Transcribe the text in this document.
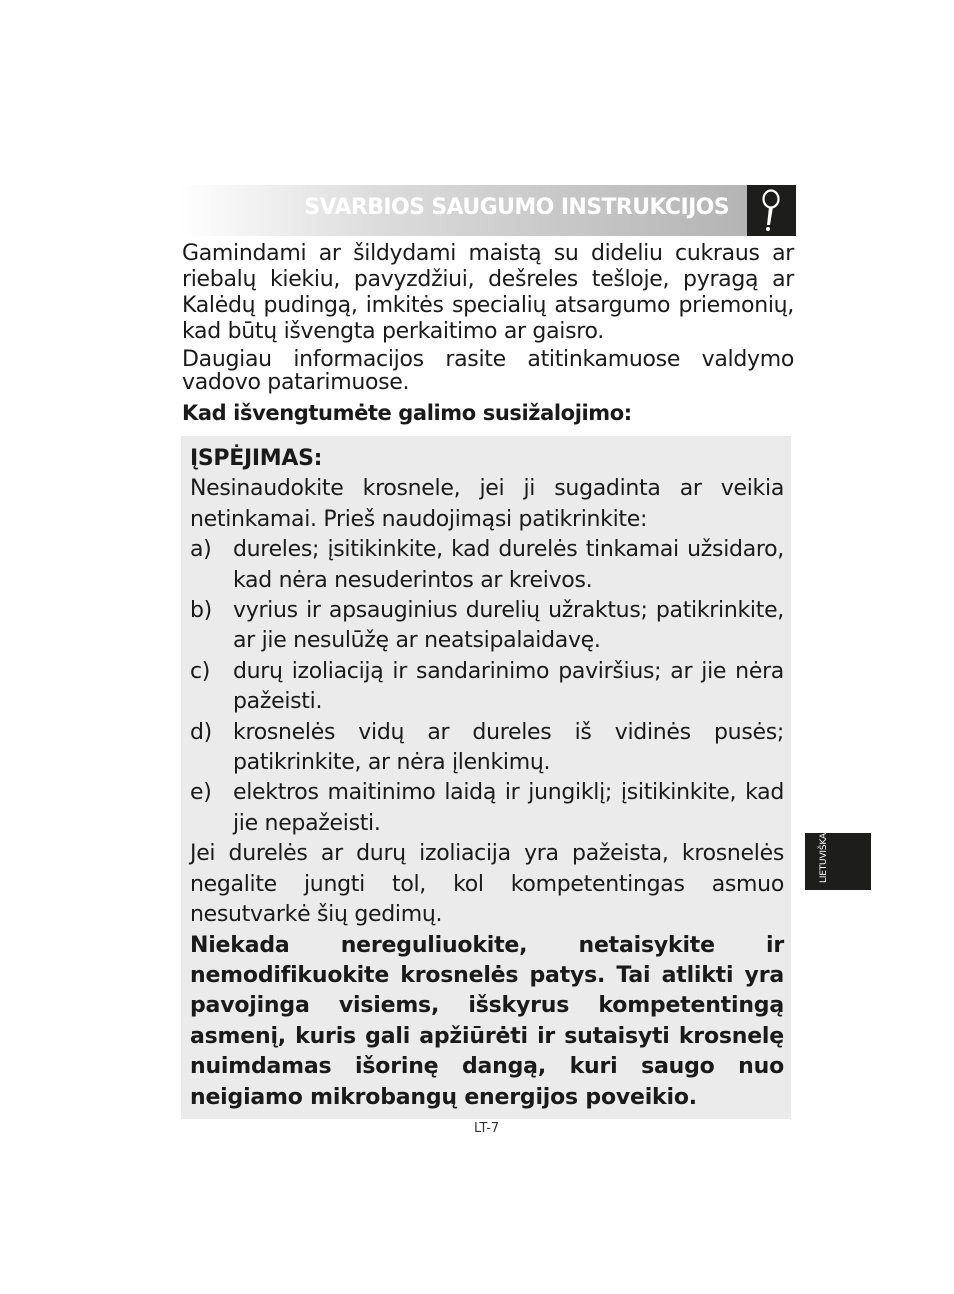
SVARBIOS SAUGUMO INSTRUKCIJOS
Gamindami ar šildydami maistą su dideliu cukraus ar riebalų kiekiu, pavyzdžiui, dešreles tešloje, pyragą ar Kalėdų pudingą, imkitės specialių atsargumo priemonių, kad būtų išvengta perkaitimo ar gaisro.
Daugiau informacijos rasite atitinkamuose valdymo vadovo patarimuose.
Kad išvengtumėte galimo susižalojimo:
ĮSPĖJIMAS:
Nesinaudokite krosnele, jei ji sugadinta ar veikia netinkamai. Prieš naudojimąsi patikrinkite:
a) dureles; įsitikinkite, kad durelės tinkamai užsidaro, kad nėra nesuderintos ar kreivos.
b) vyrius ir apsauginius durelių užraktus; patikrinkite, ar jie nesulūžę ar neatsipalaidavę.
c)	durų izoliaciją ir sandarinimo paviršius; ar jie nėra pažeisti.
d) krosnelės vidų ar dureles iš vidinės pusės; patikrinkite, ar nėra įlenkimų.
e) elektros maitinimo laidą ir jungiklį; įsitikinkite, kad jie nepažeisti.
Jei durelės ar durų izoliacija yra pažeista, krosnelės negalite jungti tol, kol kompetentingas asmuo nesutvarkė šių gedimų.
Niekada nereguliuokite, netaisykite ir nemodifikuokite krosnelės patys. Tai atlikti yra pavojinga visiems, išskyrus kompetentingą asmenį, kuris gali apžiūrėti ir sutaisyti krosnelę nuimdamas išorinę dangą, kuri saugo nuo neigiamo mikrobangų energijos poveikio.
LT-7
LIETUVIŠKAI
